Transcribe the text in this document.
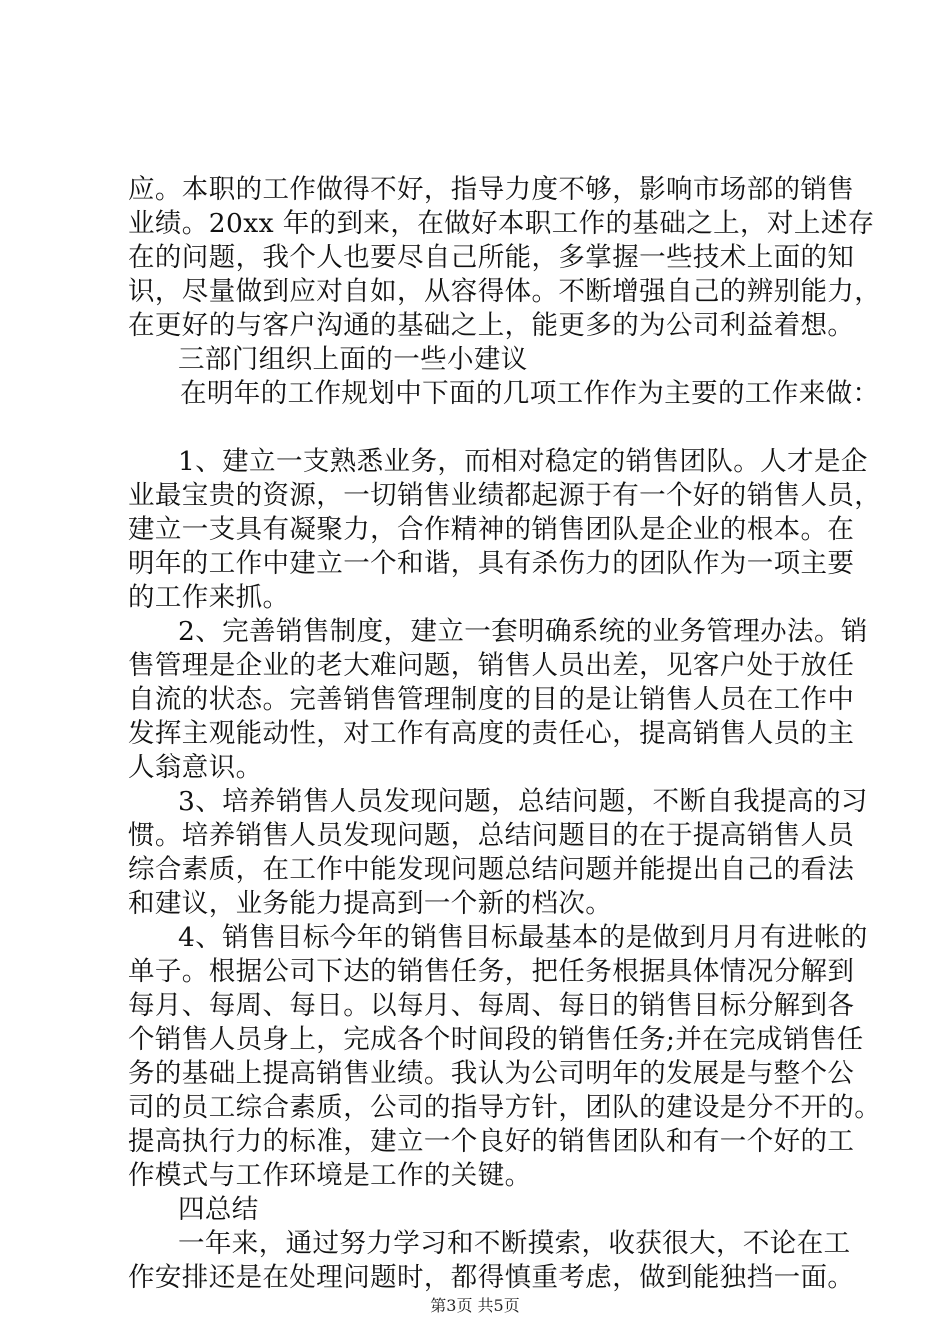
应。本职的工作做得不好，指导力度不够，影响市场部的销售
业绩。20xx 年的到来，在做好本职工作的基础之上，对上述存
在的问题，我个人也要尽自己所能，多掌握一些技术上面的知
识，尽量做到应对自如，从容得体。不断增强自己的辨别能力，
在更好的与客户沟通的基础之上，能更多的为公司利益着想。
三部门组织上面的一些小建议
在明年的工作规划中下面的几项工作作为主要的工作来做：
1、建立一支熟悉业务，而相对稳定的销售团队。人才是企
业最宝贵的资源，一切销售业绩都起源于有一个好的销售人员，
建立一支具有凝聚力，合作精神的销售团队是企业的根本。在
明年的工作中建立一个和谐，具有杀伤力的团队作为一项主要
的工作来抓。
2、完善销售制度，建立一套明确系统的业务管理办法。销
售管理是企业的老大难问题，销售人员出差，见客户处于放任
自流的状态。完善销售管理制度的目的是让销售人员在工作中
发挥主观能动性，对工作有高度的责任心，提高销售人员的主
人翁意识。
3、培养销售人员发现问题，总结问题，不断自我提高的习
惯。培养销售人员发现问题，总结问题目的在于提高销售人员
综合素质，在工作中能发现问题总结问题并能提出自己的看法
和建议，业务能力提高到一个新的档次。
4、销售目标今年的销售目标最基本的是做到月月有进帐的
单子。根据公司下达的销售任务，把任务根据具体情况分解到
每月、每周、每日。以每月、每周、每日的销售目标分解到各
个销售人员身上，完成各个时间段的销售任务;并在完成销售任
务的基础上提高销售业绩。我认为公司明年的发展是与整个公
司的员工综合素质，公司的指导方针，团队的建设是分不开的。
提高执行力的标准，建立一个良好的销售团队和有一个好的工
作模式与工作环境是工作的关键。
四总结
一年来，通过努力学习和不断摸索，收获很大，不论在工
作安排还是在处理问题时，都得慎重考虑，做到能独挡一面。
第3页 共5页
